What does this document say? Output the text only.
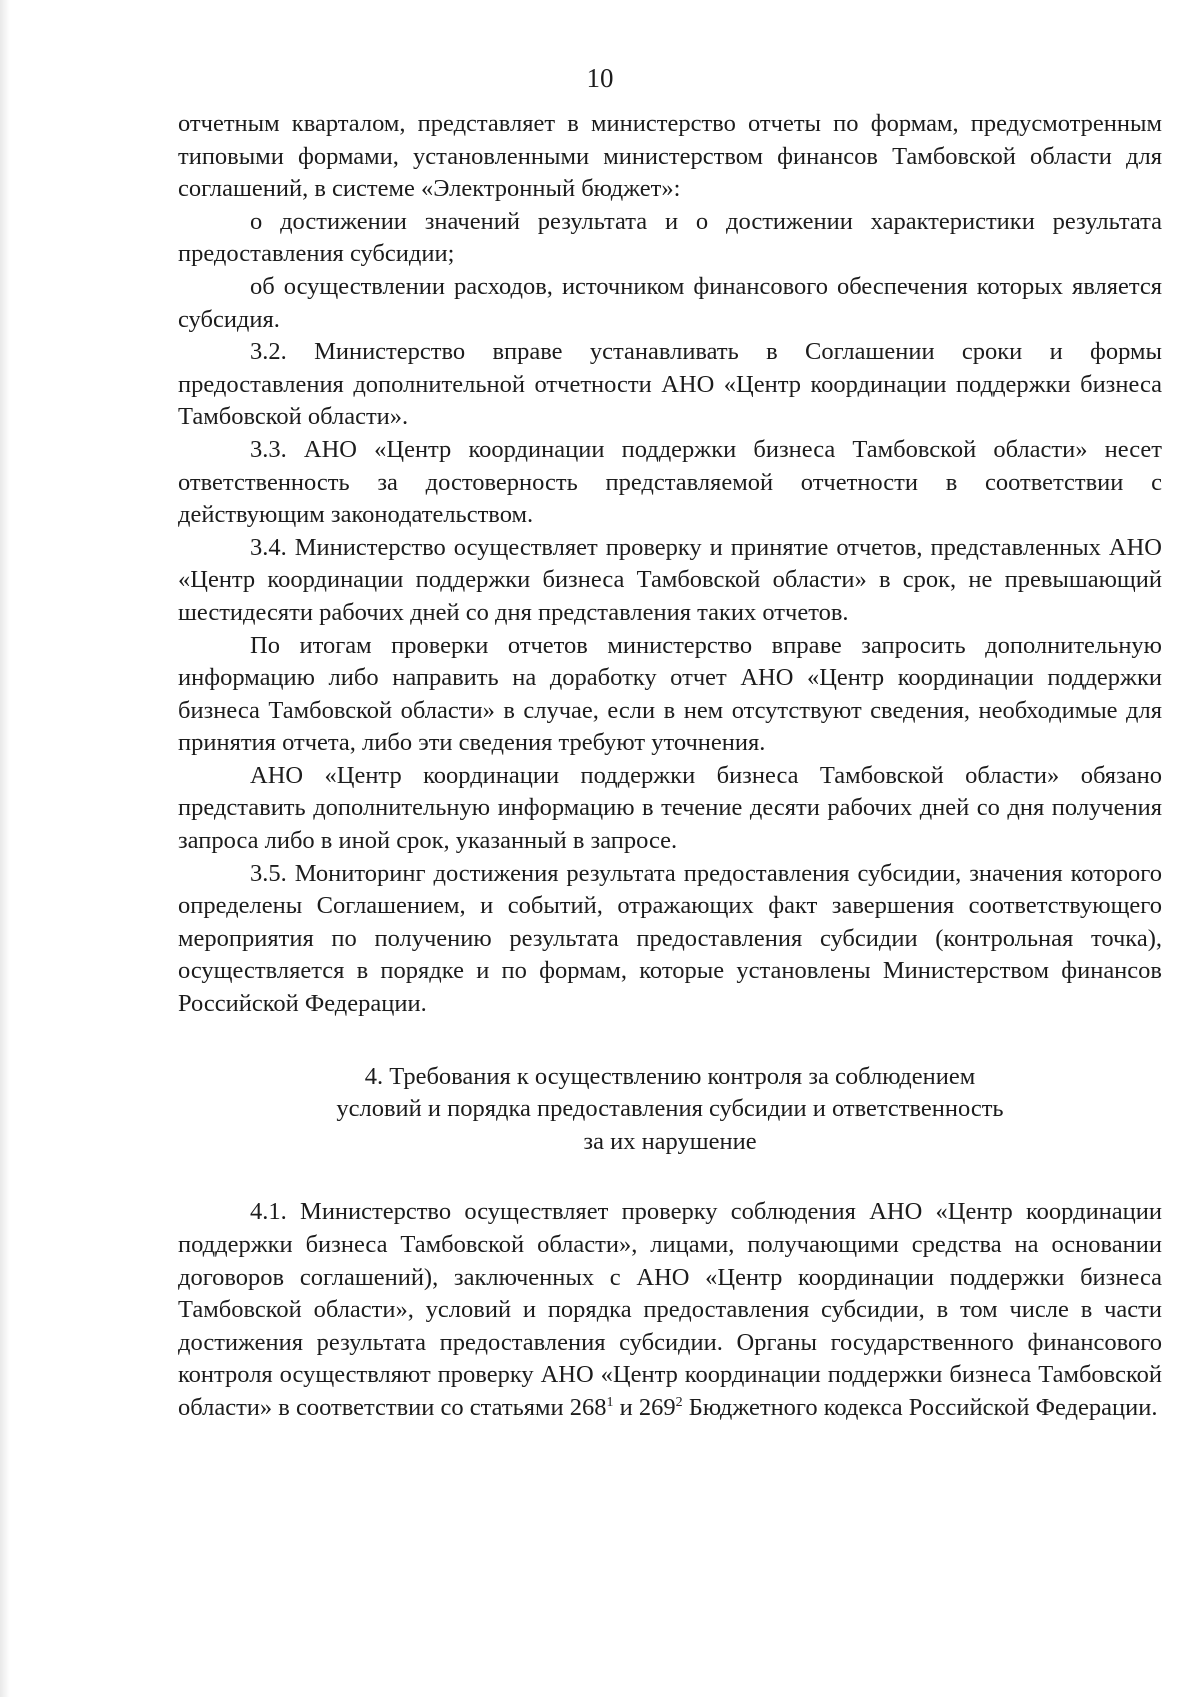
10

отчетным кварталом, представляет в министерство отчеты по формам, предусмотренным типовыми формами, установленными министерством финансов Тамбовской области для соглашений, в системе «Электронный бюджет»:

о достижении значений результата и о достижении характеристики результата предоставления субсидии;

об осуществлении расходов, источником финансового обеспечения которых является субсидия.

3.2. Министерство вправе устанавливать в Соглашении сроки и формы предоставления дополнительной отчетности АНО «Центр координации поддержки бизнеса Тамбовской области».

3.3. АНО «Центр координации поддержки бизнеса Тамбовской области» несет ответственность за достоверность представляемой отчетности в соответствии с действующим законодательством.

3.4. Министерство осуществляет проверку и принятие отчетов, представленных АНО «Центр координации поддержки бизнеса Тамбовской области» в срок, не превышающий шестидесяти рабочих дней со дня представления таких отчетов.

По итогам проверки отчетов министерство вправе запросить дополнительную информацию либо направить на доработку отчет АНО «Центр координации поддержки бизнеса Тамбовской области» в случае, если в нем отсутствуют сведения, необходимые для принятия отчета, либо эти сведения требуют уточнения.

АНО «Центр координации поддержки бизнеса Тамбовской области» обязано представить дополнительную информацию в течение десяти рабочих дней со дня получения запроса либо в иной срок, указанный в запросе.

3.5. Мониторинг достижения результата предоставления субсидии, значения которого определены Соглашением, и событий, отражающих факт завершения соответствующего мероприятия по получению результата предоставления субсидии (контрольная точка), осуществляется в порядке и по формам, которые установлены Министерством финансов Российской Федерации.

4. Требования к осуществлению контроля за соблюдением
условий и порядка предоставления субсидии и ответственность
за их нарушение

4.1. Министерство осуществляет проверку соблюдения АНО «Центр координации поддержки бизнеса Тамбовской области», лицами, получающими средства на основании договоров соглашений), заключенных с АНО «Центр координации поддержки бизнеса Тамбовской области», условий и порядка предоставления субсидии, в том числе в части достижения результата предоставления субсидии. Органы государственного финансового контроля осуществляют проверку АНО «Центр координации поддержки бизнеса Тамбовской области» в соответствии со статьями $268^1$ и $269^2$ Бюджетного кодекса Российской Федерации.
